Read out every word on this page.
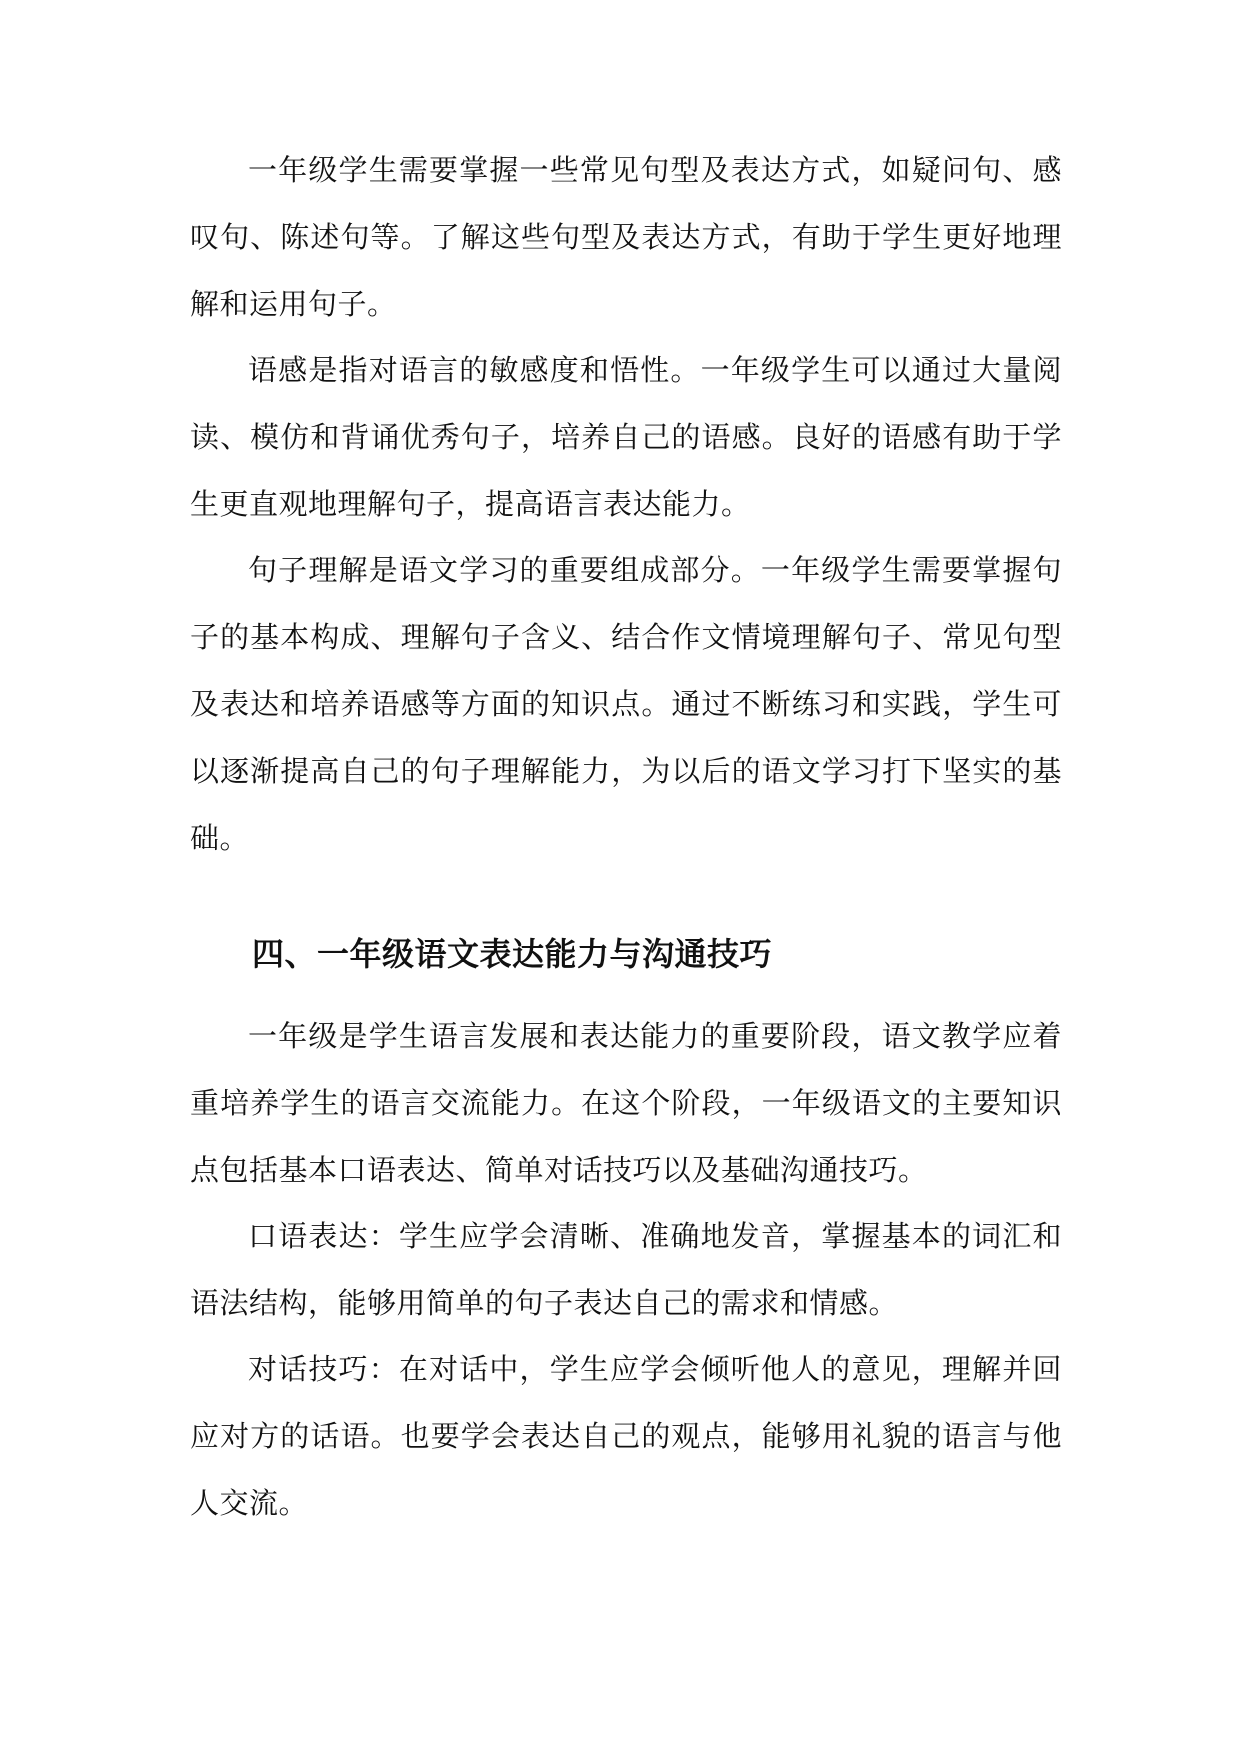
一年级学生需要掌握一些常见句型及表达方式，如疑问句、感叹句、陈述句等。了解这些句型及表达方式，有助于学生更好地理解和运用句子。

语感是指对语言的敏感度和悟性。一年级学生可以通过大量阅读、模仿和背诵优秀句子，培养自己的语感。良好的语感有助于学生更直观地理解句子，提高语言表达能力。

句子理解是语文学习的重要组成部分。一年级学生需要掌握句子的基本构成、理解句子含义、结合作文情境理解句子、常见句型及表达和培养语感等方面的知识点。通过不断练习和实践，学生可以逐渐提高自己的句子理解能力，为以后的语文学习打下坚实的基础。

四、一年级语文表达能力与沟通技巧

一年级是学生语言发展和表达能力的重要阶段，语文教学应着重培养学生的语言交流能力。在这个阶段，一年级语文的主要知识点包括基本口语表达、简单对话技巧以及基础沟通技巧。

口语表达：学生应学会清晰、准确地发音，掌握基本的词汇和语法结构，能够用简单的句子表达自己的需求和情感。

对话技巧：在对话中，学生应学会倾听他人的意见，理解并回应对方的话语。也要学会表达自己的观点，能够用礼貌的语言与他人交流。
